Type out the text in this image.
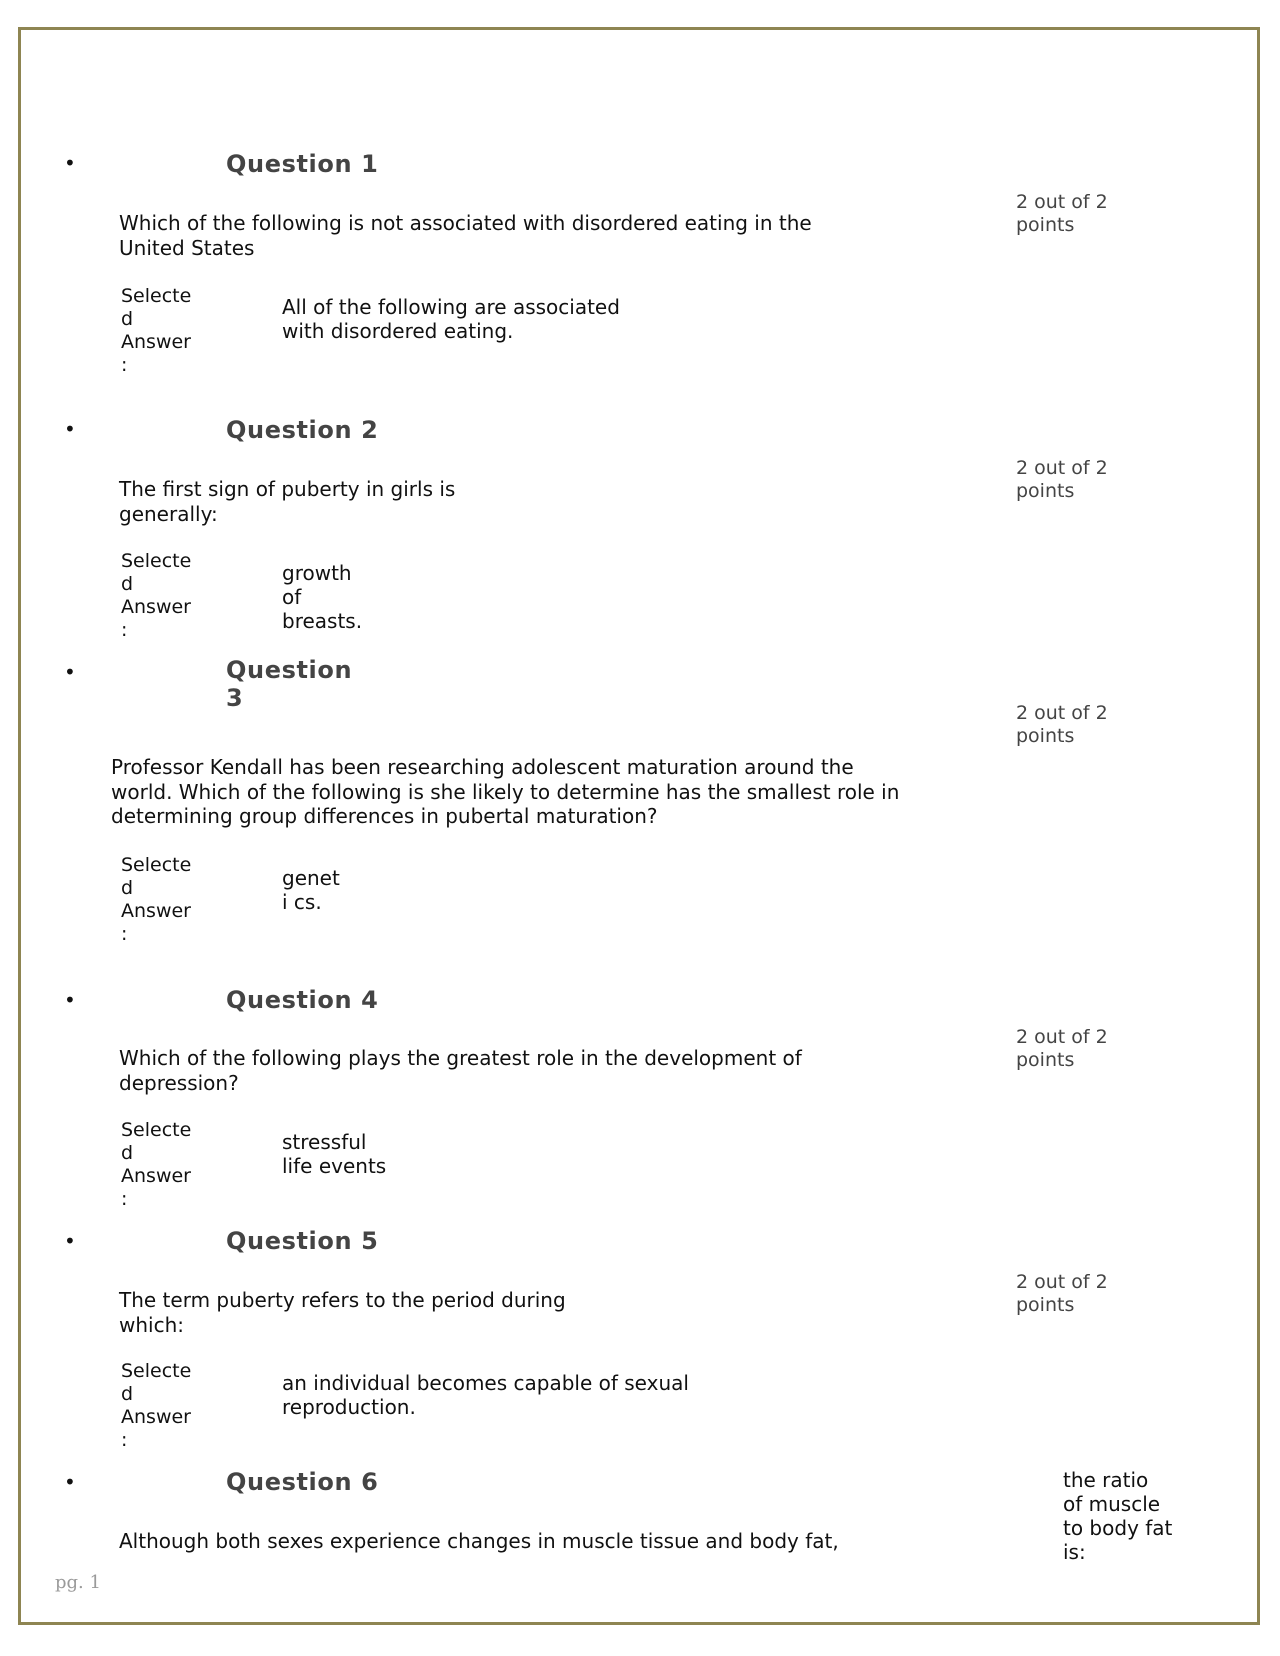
•	Question 1
2 out of 2
points
Which of the following is not associated with disordered eating in the
United States
Selecte
d
Answer
:
All of the following are associated
with disordered eating.
•	Question 2
2 out of 2
points
The first sign of puberty in girls is
generally:
Selecte
d
Answer
:
growth
of
breasts.
•	Question
3
2 out of 2
points
Professor Kendall has been researching adolescent maturation around the
world. Which of the following is she likely to determine has the smallest role in
determining group differences in pubertal maturation?
Selecte
d
Answer
:
genet
i cs.
•	Question 4
2 out of 2
points
Which of the following plays the greatest role in the development of
depression?
Selecte
d
Answer
:
stressful
life events
•	Question 5
2 out of 2
points
The term puberty refers to the period during
which:
Selecte
d
Answer
:
an individual becomes capable of sexual
reproduction.
•	Question 6
Although both sexes experience changes in muscle tissue and body fat,
the ratio
of muscle
to body fat
is:
pg. 1
